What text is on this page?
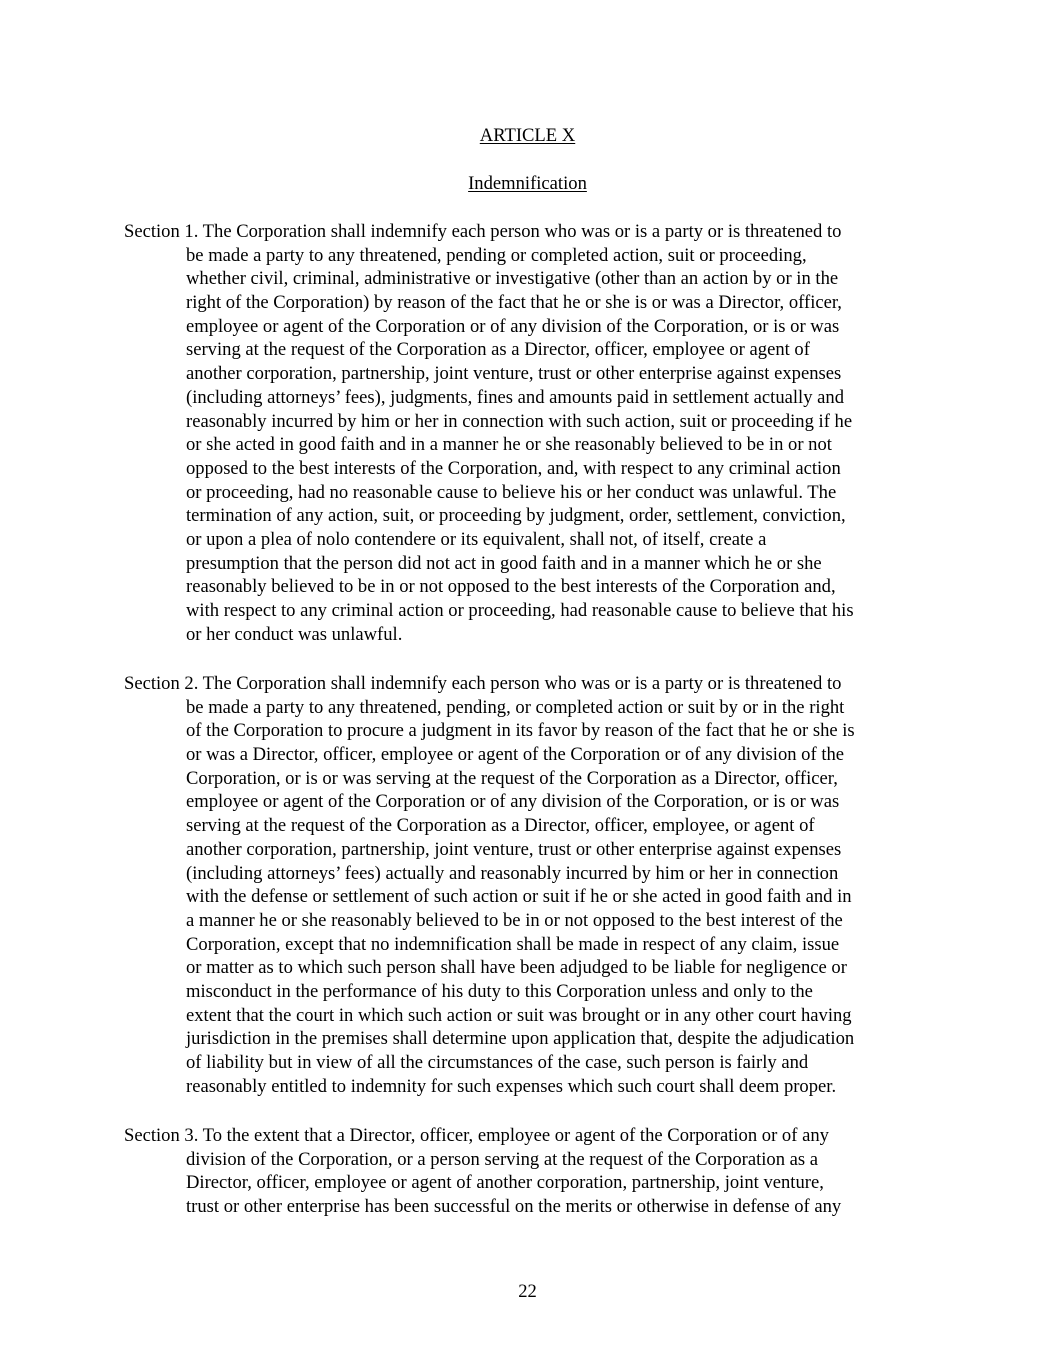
ARTICLE X
Indemnification
Section 1. The Corporation shall indemnify each person who was or is a party or is threatened to
be made a party to any threatened, pending or completed action, suit or proceeding,
whether civil, criminal, administrative or investigative (other than an action by or in the
right of the Corporation) by reason of the fact that he or she is or was a Director, officer,
employee or agent of the Corporation or of any division of the Corporation, or is or was
serving at the request of the Corporation as a Director, officer, employee or agent of
another corporation, partnership, joint venture, trust or other enterprise against expenses
(including attorneys’ fees), judgments, fines and amounts paid in settlement actually and
reasonably incurred by him or her in connection with such action, suit or proceeding if he
or she acted in good faith and in a manner he or she reasonably believed to be in or not
opposed to the best interests of the Corporation, and, with respect to any criminal action
or proceeding, had no reasonable cause to believe his or her conduct was unlawful. The
termination of any action, suit, or proceeding by judgment, order, settlement, conviction,
or upon a plea of nolo contendere or its equivalent, shall not, of itself, create a
presumption that the person did not act in good faith and in a manner which he or she
reasonably believed to be in or not opposed to the best interests of the Corporation and,
with respect to any criminal action or proceeding, had reasonable cause to believe that his
or her conduct was unlawful.
Section 2. The Corporation shall indemnify each person who was or is a party or is threatened to
be made a party to any threatened, pending, or completed action or suit by or in the right
of the Corporation to procure a judgment in its favor by reason of the fact that he or she is
or was a Director, officer, employee or agent of the Corporation or of any division of the
Corporation, or is or was serving at the request of the Corporation as a Director, officer,
employee or agent of the Corporation or of any division of the Corporation, or is or was
serving at the request of the Corporation as a Director, officer, employee, or agent of
another corporation, partnership, joint venture, trust or other enterprise against expenses
(including attorneys’ fees) actually and reasonably incurred by him or her in connection
with the defense or settlement of such action or suit if he or she acted in good faith and in
a manner he or she reasonably believed to be in or not opposed to the best interest of the
Corporation, except that no indemnification shall be made in respect of any claim, issue
or matter as to which such person shall have been adjudged to be liable for negligence or
misconduct in the performance of his duty to this Corporation unless and only to the
extent that the court in which such action or suit was brought or in any other court having
jurisdiction in the premises shall determine upon application that, despite the adjudication
of liability but in view of all the circumstances of the case, such person is fairly and
reasonably entitled to indemnity for such expenses which such court shall deem proper.
Section 3. To the extent that a Director, officer, employee or agent of the Corporation or of any
division of the Corporation, or a person serving at the request of the Corporation as a
Director, officer, employee or agent of another corporation, partnership, joint venture,
trust or other enterprise has been successful on the merits or otherwise in defense of any
22
